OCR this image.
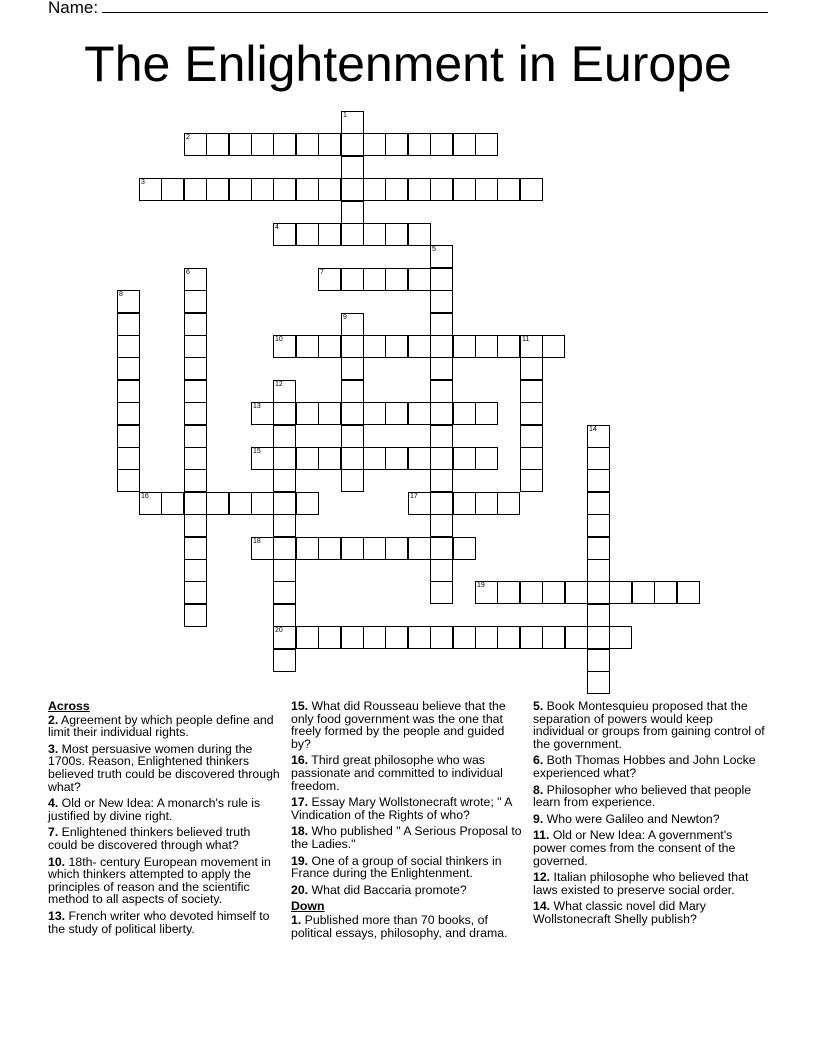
Name:
The Enlightenment in Europe
1
2
3
4
5
6	7
8
9
10	11
12
20
13
14
15
16	17
18
19
Across
2. Agreement by which people define and limit their individual rights.
3. Most persuasive women during the 1700s. Reason, Enlightened thinkers believed truth could be discovered through what?
4. Old or New Idea: A monarch's rule is justified by divine right.
7. Enlightened thinkers believed truth could be discovered through what?
10. 18th- century European movement in which thinkers attempted to apply the principles of reason and the scientific method to all aspects of society.
13. French writer who devoted himself to the study of political liberty.
15. What did Rousseau believe that the only food government was the one that freely formed by the people and guided by?
16. Third great philosophe who was passionate and committed to individual freedom.
17. Essay Mary Wollstonecraft wrote; " A Vindication of the Rights of who?
18. Who published " A Serious Proposal to the Ladies."
19. One of a group of social thinkers in France during the Enlightenment.
20. What did Baccaria promote?
Down
1. Published more than 70 books, of political essays, philosophy, and drama.
5. Book Montesquieu proposed that the separation of powers would keep individual or groups from gaining control of the government.
6. Both Thomas Hobbes and John Locke experienced what?
8. Philosopher who believed that people learn from experience.
9. Who were Galileo and Newton?
11. Old or New Idea: A government's power comes from the consent of the governed.
12. Italian philosophe who believed that laws existed to preserve social order.
14. What classic novel did Mary Wollstonecraft Shelly publish?
